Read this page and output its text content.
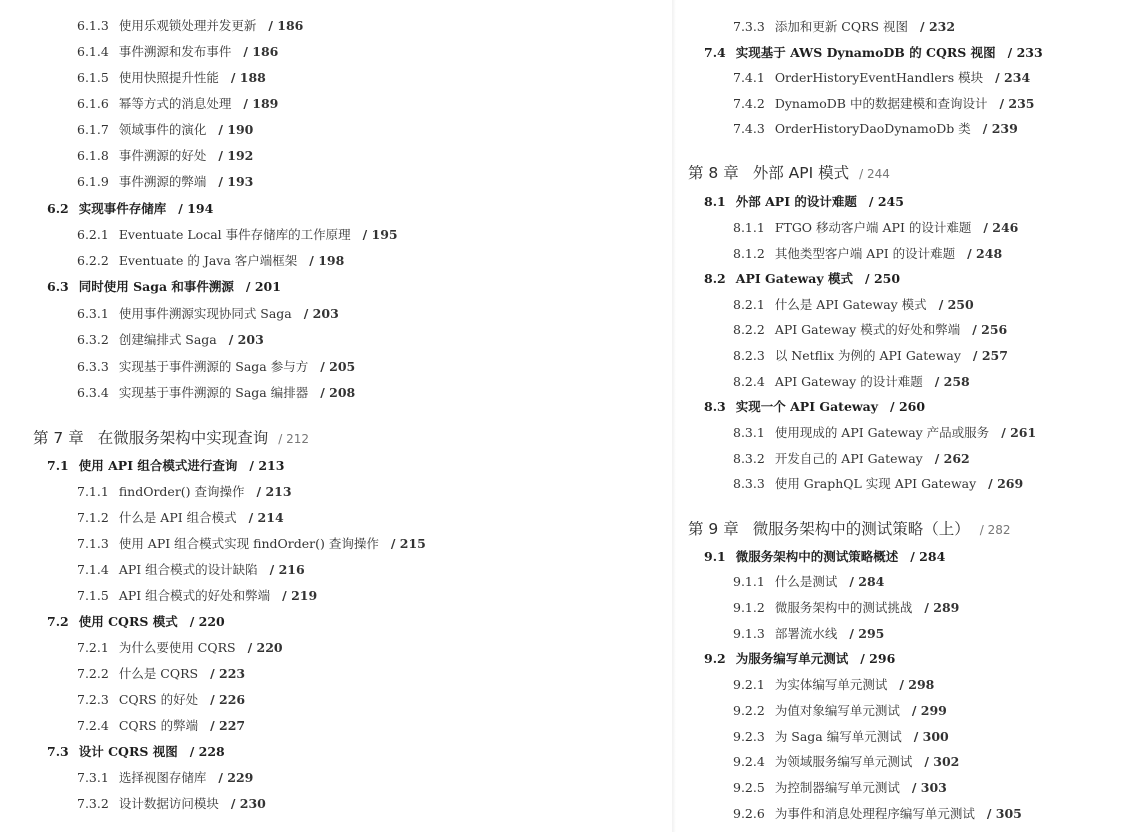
6.1.3 使用乐观锁处理并发更新 / 186
6.1.4 事件溯源和发布事件 / 186
6.1.5 使用快照提升性能 / 188
6.1.6 幂等方式的消息处理 / 189
6.1.7 领域事件的演化 / 190
6.1.8 事件溯源的好处 / 192
6.1.9 事件溯源的弊端 / 193
6.2 实现事件存储库 / 194
6.2.1 Eventuate Local 事件存储库的工作原理 / 195
6.2.2 Eventuate 的 Java 客户端框架 / 198
6.3 同时使用 Saga 和事件溯源 / 201
6.3.1 使用事件溯源实现协同式 Saga / 203
6.3.2 创建编排式 Saga / 203
6.3.3 实现基于事件溯源的 Saga 参与方 / 205
6.3.4 实现基于事件溯源的 Saga 编排器 / 208
第 7 章 在微服务架构中实现查询 / 212
7.1 使用 API 组合模式进行查询 / 213
7.1.1 findOrder() 查询操作 / 213
7.1.2 什么是 API 组合模式 / 214
7.1.3 使用 API 组合模式实现 findOrder() 查询操作 / 215
7.1.4 API 组合模式的设计缺陷 / 216
7.1.5 API 组合模式的好处和弊端 / 219
7.2 使用 CQRS 模式 / 220
7.2.1 为什么要使用 CQRS / 220
7.2.2 什么是 CQRS / 223
7.2.3 CQRS 的好处 / 226
7.2.4 CQRS 的弊端 / 227
7.3 设计 CQRS 视图 / 228
7.3.1 选择视图存储库 / 229
7.3.2 设计数据访问模块 / 230
7.3.3 添加和更新 CQRS 视图 / 232
7.4 实现基于 AWS DynamoDB 的 CQRS 视图 / 233
7.4.1 OrderHistoryEventHandlers 模块 / 234
7.4.2 DynamoDB 中的数据建模和查询设计 / 235
7.4.3 OrderHistoryDaoDynamoDb 类 / 239
第 8 章 外部 API 模式 / 244
8.1 外部 API 的设计难题 / 245
8.1.1 FTGO 移动客户端 API 的设计难题 / 246
8.1.2 其他类型客户端 API 的设计难题 / 248
8.2 API Gateway 模式 / 250
8.2.1 什么是 API Gateway 模式 / 250
8.2.2 API Gateway 模式的好处和弊端 / 256
8.2.3 以 Netflix 为例的 API Gateway / 257
8.2.4 API Gateway 的设计难题 / 258
8.3 实现一个 API Gateway / 260
8.3.1 使用现成的 API Gateway 产品或服务 / 261
8.3.2 开发自己的 API Gateway / 262
8.3.3 使用 GraphQL 实现 API Gateway / 269
第 9 章 微服务架构中的测试策略（上） / 282
9.1 微服务架构中的测试策略概述 / 284
9.1.1 什么是测试 / 284
9.1.2 微服务架构中的测试挑战 / 289
9.1.3 部署流水线 / 295
9.2 为服务编写单元测试 / 296
9.2.1 为实体编写单元测试 / 298
9.2.2 为值对象编写单元测试 / 299
9.2.3 为 Saga 编写单元测试 / 300
9.2.4 为领域服务编写单元测试 / 302
9.2.5 为控制器编写单元测试 / 303
9.2.6 为事件和消息处理程序编写单元测试 / 305
